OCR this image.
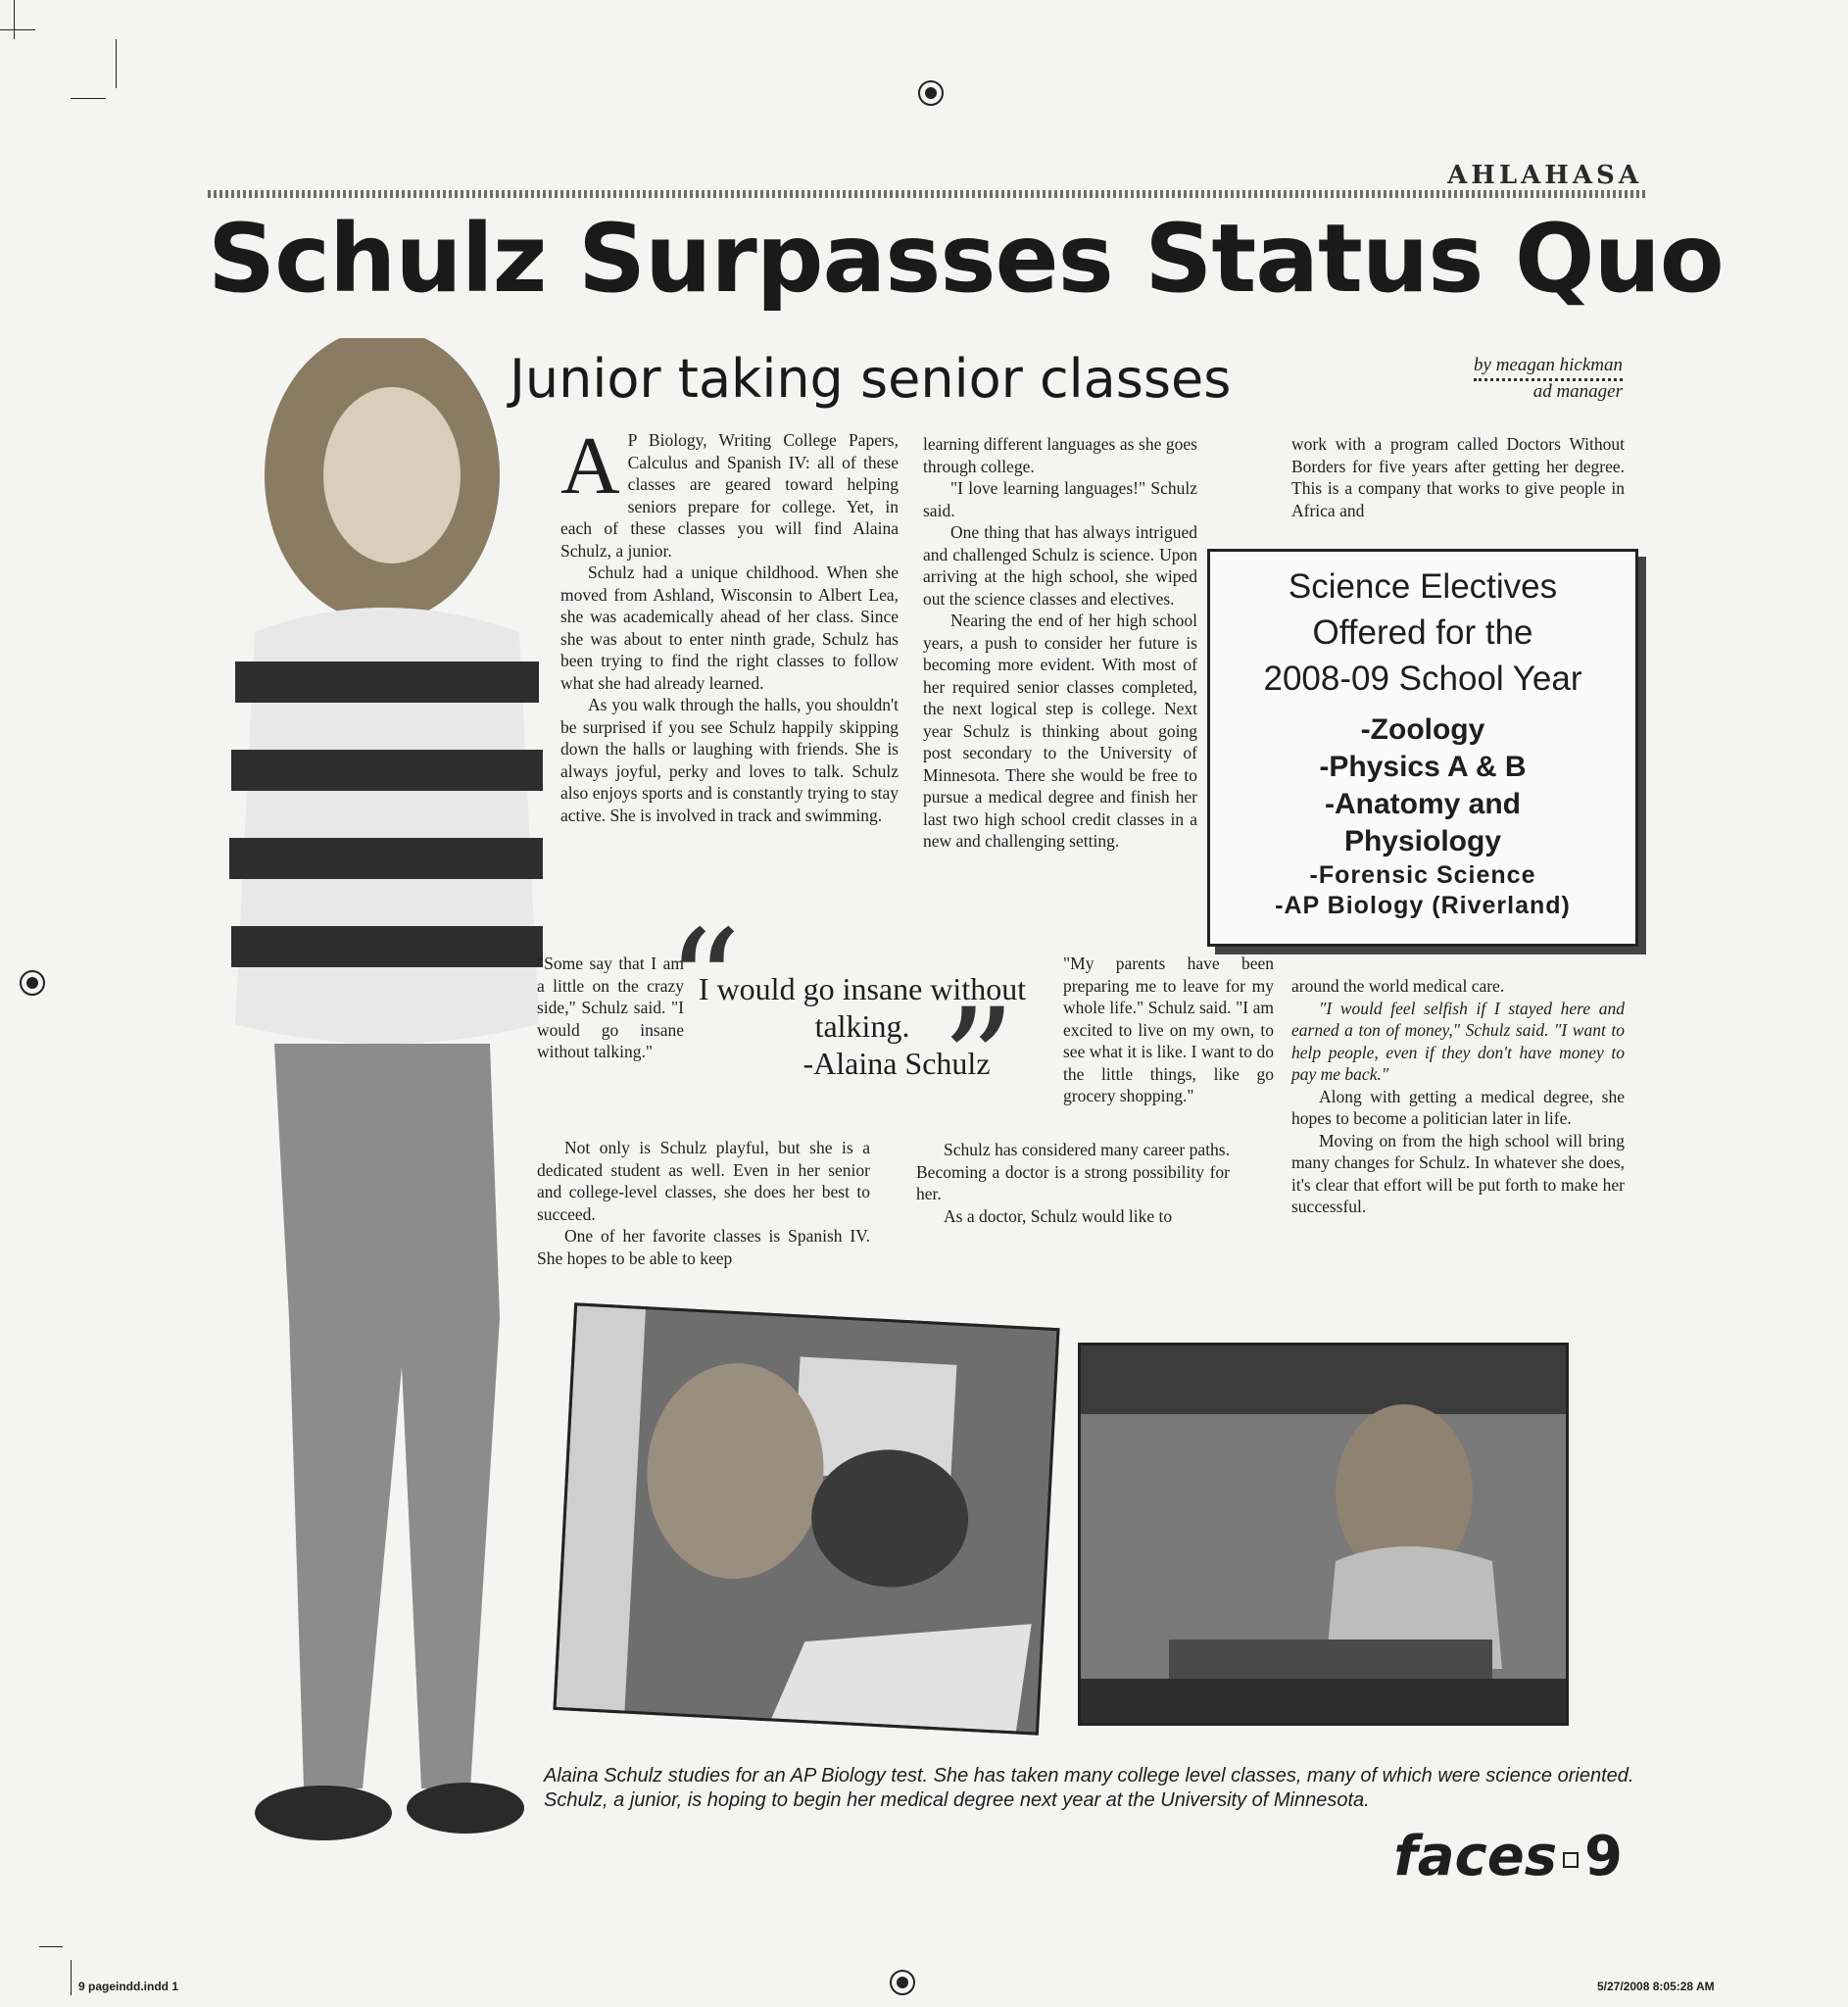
AHLAHASA
Schulz Surpasses Status Quo
Junior taking senior classes	by meagan hickman
ad manager

A P Biology, Writing College Papers, Calculus and Spanish IV: all of these classes are geared toward helping seniors prepare for college. Yet, in each of these classes you will find Alaina Schulz, a junior.

Schulz had a unique childhood. When she moved from Ashland, Wisconsin to Albert Lea, she was academically ahead of her class. Since she was about to enter ninth grade, Schulz has been trying to find the right classes to follow what she had already learned.

As you walk through the halls, you shouldn't be surprised if you see Schulz happily skipping down the halls or laughing with friends. She is always joyful, perky and loves to talk. Schulz also enjoys sports and is constantly trying to stay active. She is involved in track and swimming.

"Some say that I am a little on the crazy side," Schulz said. "I would go insane without talking."

Not only is Schulz playful, but she is a dedicated student as well. Even in her senior and college-level classes, she does her best to succeed.

One of her favorite classes is Spanish IV. She hopes to be able to keep

learning different languages as she goes through college.

"I love learning languages!" Schulz said.

One thing that has always intrigued and challenged Schulz is science. Upon arriving at the high school, she wiped out the science classes and electives.

Nearing the end of her high school years, a push to consider her future is becoming more evident. With most of her required senior classes completed, the next logical step is college. Next year Schulz is thinking about going post secondary to the University of Minnesota. There she would be free to pursue a medical degree and finish her last two high school credit classes in a new and challenging setting.

"My parents have been preparing me to leave for my whole life." Schulz said. "I am excited to live on my own, to see what it is like. I want to do the little things, like go grocery shopping."

Schulz has considered many career paths. Becoming a doctor is a strong possibility for her.

As a doctor, Schulz would like to

work with a program called Doctors Without Borders for five years after getting her degree. This is a company that works to give people in Africa and

around the world medical care.

"I would feel selfish if I stayed here and earned a ton of money," Schulz said. "I want to help people, even if they don't have money to pay me back."

Along with getting a medical degree, she hopes to become a politician later in life.

Moving on from the high school will bring many changes for Schulz. In whatever she does, it's clear that effort will be put forth to make her successful.

Science Electives
Offered for the
2008-09 School Year
-Zoology
-Physics A & B
-Anatomy and
Physiology
-Forensic Science
-AP Biology (Riverland)
“
I would go insane without talking.
-Alaina Schulz
”
Alaina Schulz studies for an AP Biology test. She has taken many college level classes, many of which were science oriented. Schulz, a junior, is hoping to begin her medical degree next year at the University of Minnesota.
faces 9
9 pageindd.indd 1	5/27/2008 8:05:28 AM
